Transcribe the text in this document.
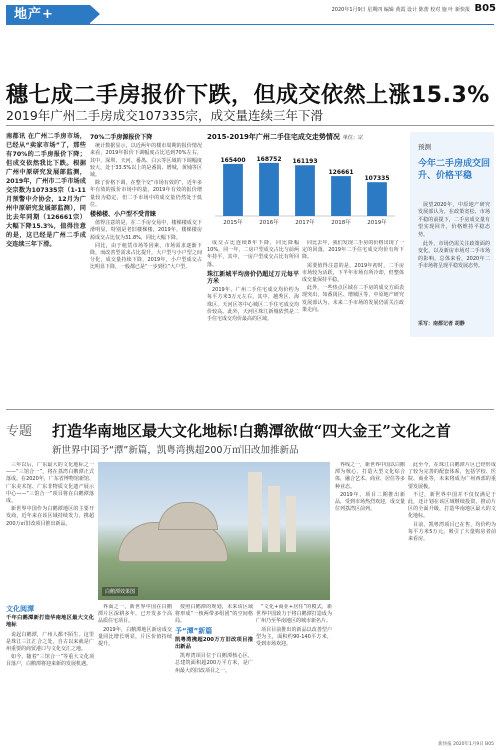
地产+	2020年1月9日 星期四 编辑 黄霞 设计 陈蕾 校对 施 叶 新快报 B05
穗七成二手房报价下跌，但成交依然上涨15.3%
2019年广州二手房成交107335宗，成交量连续三年下滑
南都讯 在广州二手房市场，已经从“卖家市场”了，那些有70%的二手房报价下降；但成交依然我比下跌。根据广州中原研究发展部监测，2019年，广州市二手市场成交宗数为107335宗（1-11月预警中介协会，12月为广州中原研究发展部监测），同比去年同期（126661宗）大幅下降15.3%，值得注意的是，这已经是广州二手成交连续三年下滑。
70%二手房源报价下降

统计数据显示，以近两年的楼市周期的报价情况来看，2019年报价下调幅度占比达到70%左右，其中，深圳、天河、番禺、白云等区域的下调幅度较大，处于33.5%以上的是番禺、增城、黄埔等区域。

除了价格下调，在整个交“市场有效的”，近年多年有效的报价市场中的量。2019年有效的报价增量较为稳定，但二手市场中的成交量仍然处于低位。

楼梯楼、小户型不受青睐

值得注意的是，在二手房交易中，楼梯楼成交下滑明显，特别是老旧楼梯楼，2019年，楼梯楼房源成交占比仅为31.8%，同比大幅下降。

同比，由于租赁市场等因素，市场需求逐渐下降，而改善型需求占比提升，大户型与小户型之间分化，成交量持续下降，2019年，小户型成交占比明显下降，一般都已是“一步到位”大户型。

2015-2019年广州二手住宅成交走势情况 单位：宗
165400
2015年
168752
2016年
161193
2017年
126661
2018年
107335
2019年

成交占比连续8年下降，同比降幅10%，同一年，二房户型成交占比与前两年持平，其中，一房户型成交占比有所回落。

珠江新城平均房价仍超过万元每平方米

2019年，广州二手住宅成交均价约为每平方米3万元左右，其中，越秀区、海珠区、天河区等中心城区二手住宅成交均价较高。此外，天河区珠江新城依然是二手住宅成交均价最高的区域。

同比去年，我们发现二手房的价格出现了一定的回落，2019年二手住宅成交均价有所下降。

需要值得注意的是，2019年初时，二手房市场较为活跃，下半年市场有所冷却，但整体成交量保持平稳。

此外，一些热点区域在二手房的成交方面表现突出，如番禺区、增城区等，中原地产研究发展部认为，未来二手市场的发展仍需关注政策走向。

预测
今年二手房成交回升、价格平稳

展望2020年，中原地产研究发展部认为，在政策宽松、市场平稳的前提下，二手房成交量有望实现回升，价格维持平稳态势。

此外，市场仍需关注政策面的变化，以及新房市场对二手市场的影响。总体来看，2020年二手市场将呈现平稳发展态势。

采写：南都记者 胡静
专题 打造华南地区最大文化地标!白鹅潭欲做“四大金王”文化之首
新世界中国予“潭”新篇，凯粤湾携超200万㎡旧改加推新品

三年以后，广东最大的文化地标之一——“三馆合一”，将在荔湾白鹅潭正式落成。在2020年，广东省博物馆新馆、广东美术馆、广东非物质文化遗产展示中心——“三馆合一”项目将在白鹅潭落成。

新世界中国作为白鹅潭地区的主要开发商，近年来在该区域持续发力，携超200万㎡旧改项目推出新品。

白鹅潭效果图

界线之一，新世界中国以白鹅潭为核心，打造大型文化综合体，融合艺术、商业、居住等多种业态。

2019年，项目二期推出新品，受到市场热烈欢迎，成交量位列荔湾区前列。

此至今，在珠江白鹅潭片区已经形成了较为完善的配套体系，包括学校、医院、商业等，未来将成为广州西部的重要发展极。

不过，新世界中国并不仅仅满足于此，还计划在该区域继续投资，推动片区的全面升级，打造华南地区最大的文化地标。

目前，凯粤湾项目已在售，均价约为每平方米5万元，吸引了大量购房者前来看房。

文化阅潭
千年白鹅潭新打造华南地区最大文化地标

说起白鹅潭，广州人都不陌生。这里是珠江三江汇合之处，自古以来就是广州重要的商贸港口与文化交汇之地。

如今，随着“三馆合一”等重大文化项目落户，白鹅潭将迎来新的发展机遇。

界面之一，新世界中国在白鹅潭片区深耕多年，已开发多个高品质住宅项目。

2019年，白鹅潭地区新房成交量同比增长明显，片区价值持续提升。

按照白鹅潭的规划，未来该区域将形成“一核两带多组团”的空间格局。

予“潭”新篇
凯粤湾携超200万方旧改项目推出新品

凯粤湾项目位于白鹅潭核心区，总建筑面积超200万平方米，是广州最大的旧改项目之一。

“文化+商业+居住”的模式，新世界中国致力于将白鹅潭打造成为广州乃至华南地区的城市新名片。

项目目前推出的新品以改善型户型为主，面积约90-140平方米，受到市场欢迎。

新快报 2020年1月9日 B05
